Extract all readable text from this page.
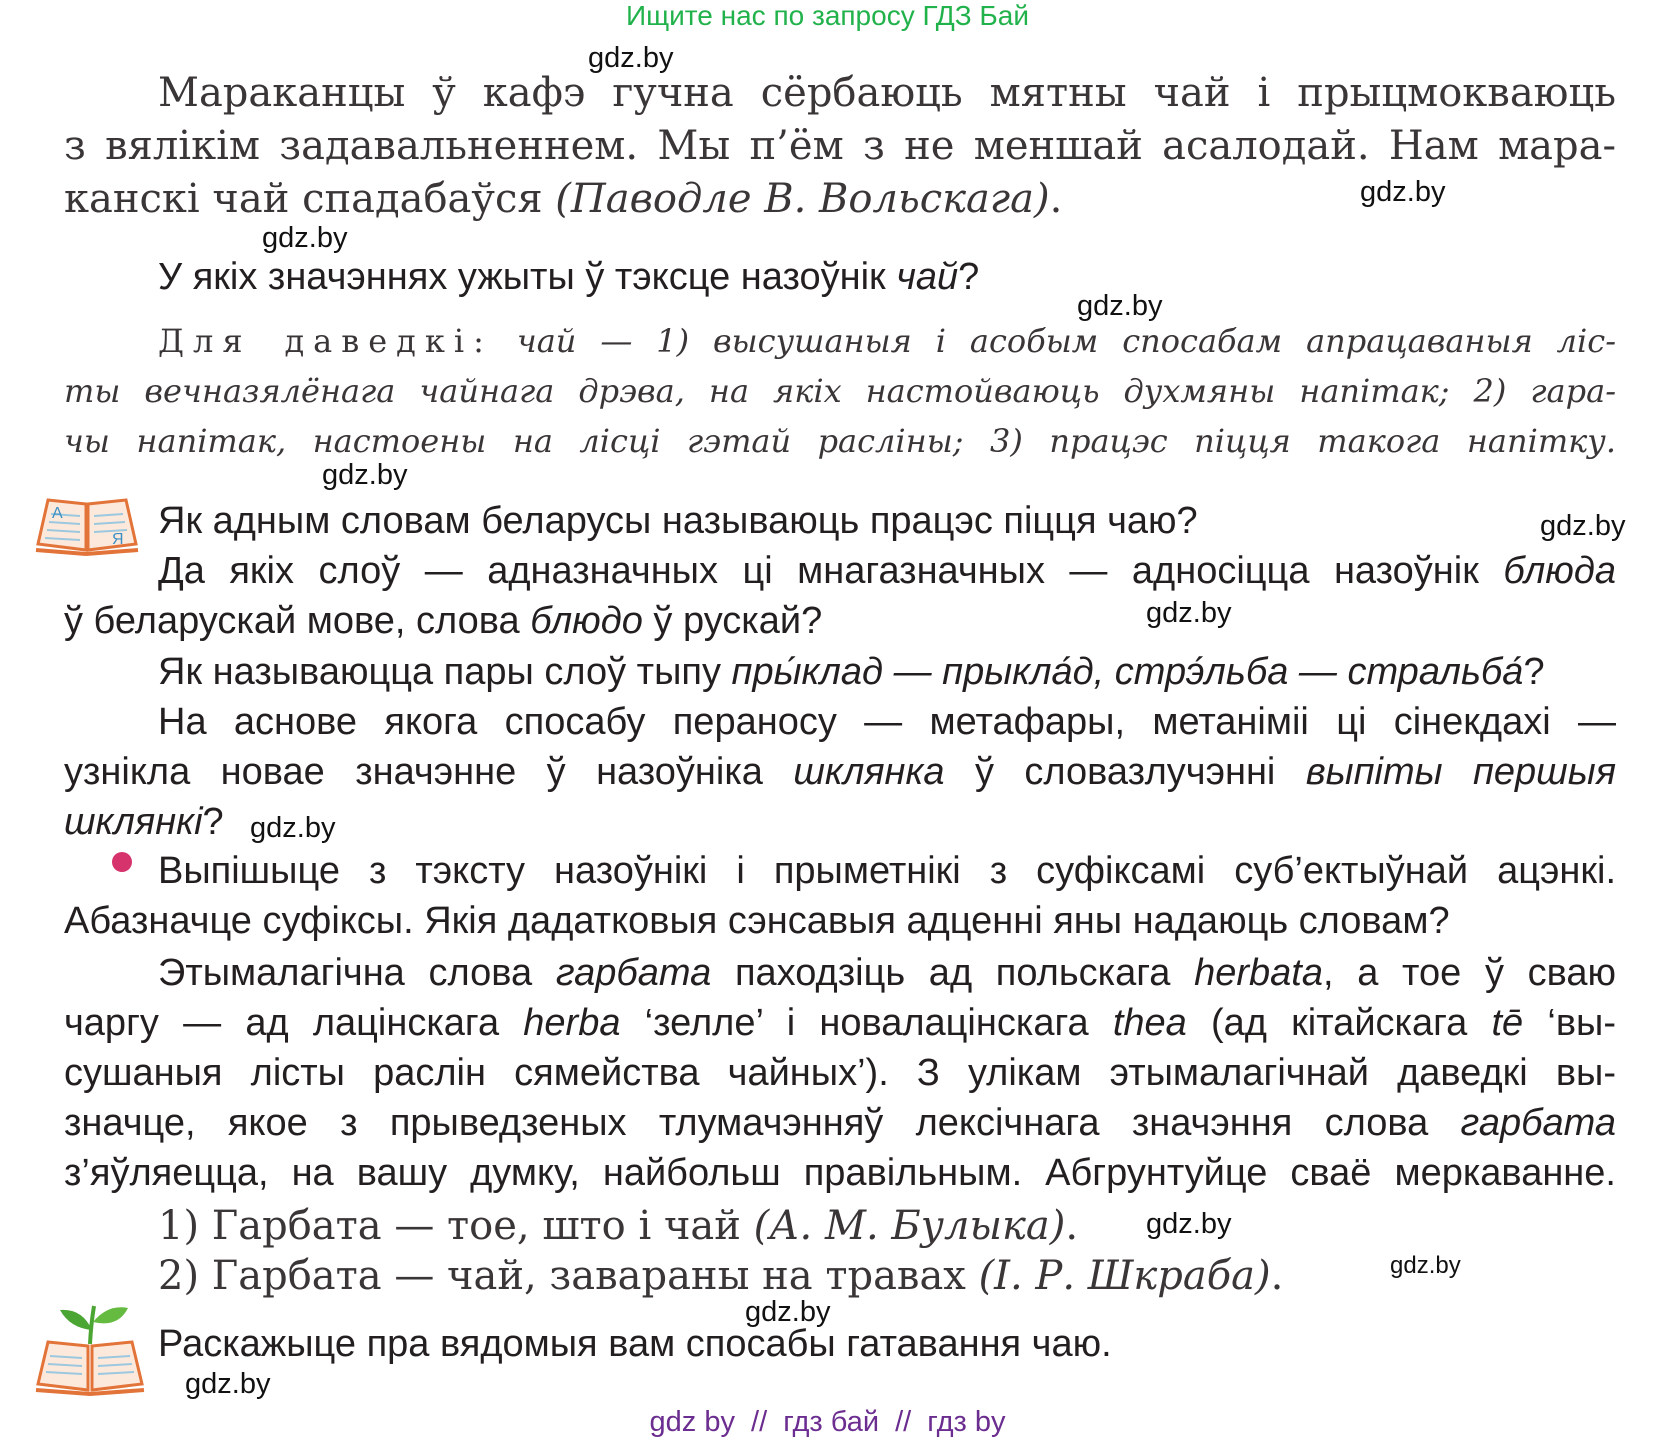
Ищите нас по запросу ГДЗ Бай
gdz.by
gdz.by
gdz.by
gdz.by
gdz.by
gdz.by
gdz.by
gdz.by
gdz.by
gdz.by
gdz.by
gdz.by
Мараканцы ў кафэ гучна сёрбаюць мятны чай і прыцмокваюць
з вялікім задавальненнем. Мы п’ём з не меншай асалодай. Нам мара-
канскі чай спадабаўся (Паводле В. Вольскага).
У якіх значэннях ужыты ў тэксце назоўнік чай?
Для даведкі: чай — 1) высушаныя і асобым спосабам апрацаваныя ліс-
ты вечназялёнага чайнага дрэва, на якіх настойваюць духмяны напітак; 2) гара-
чы напітак, настоены на лісці гэтай расліны; 3) працэс піцця такога напітку.
А
Я Як адным словам беларусы называюць працэс піцця чаю?
Да якіх слоў — адназначных ці мнагазначных — адносіцца назоўнік блюда
ў беларускай мове, слова блюдо ў рускай?
Як называюцца пары слоў тыпу пры́клад — прыкла́д, стрэ́льба — стральба́?
На аснове якога спосабу пераносу — метафары, метаніміі ці сінекдахі —
узнікла новае значэнне ў назоўніка шклянка ў словазлучэнні выпіты першыя
шклянкі?
Выпішыце з тэксту назоўнікі і прыметнікі з суфіксамі суб’ектыўнай ацэнкі.
Абазначце суфіксы. Якія дадатковыя сэнсавыя адценні яны надаюць словам?
Этымалагічна слова гарбата паходзіць ад польскага herbata, а тое ў сваю
чаргу — ад лацінскага herba ‘зелле’ і новалацінскага thea (ад кітайскага tē ‘вы-
сушаныя лісты раслін сямейства чайных’). З улікам этымалагічнай даведкі вы-
значце, якое з прыведзеных тлумачэнняў лексічнага значэння слова гарбата
з’яўляецца, на вашу думку, найбольш правільным. Абгрунтуйце сваё меркаванне.
1) Гарбата — тое, што і чай (А. М. Булыка).
2) Гарбата — чай, завараны на травах (І. Р. Шкраба).
Раскажыце пра вядомыя вам спосабы гатавання чаю.
gdz by // гдз бай // гдз by
